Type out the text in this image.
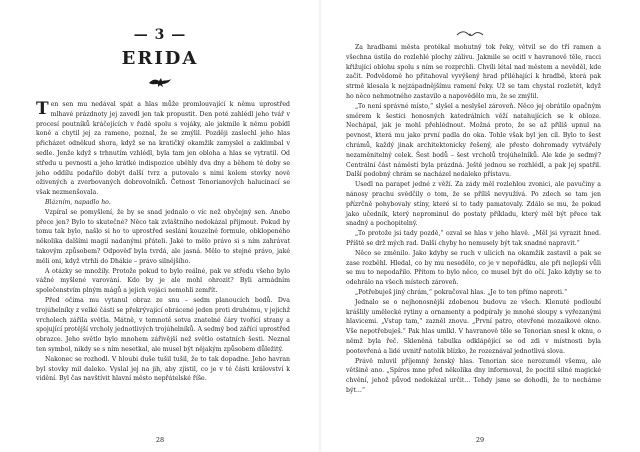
— 3 —
ERIDA

Ten sen mu nedával spát a hlas může promlouvající k němu uprostřed mlhavé prázdnoty jej zavedl jen tak propustit. Den poté zahlédl jeho tvář v procesí poutníků kráčejících v řadě spolu s vojáky, ale jakmile k němu pobídl koně a chytil jej za rameno, poznal, že se zmýlil. Později zaslechl jeho hlas přicházet odněkud shora, když se na kratičký okamžik zamyslel a zaklimbal v sedle. Jenže když s trhnutím vzhlédl, byla tam jen obloha a hlas se vytratil. Od středu u pevnosti a jeho krátké indispozice uběhly dva dny a během té doby se jeho oddílu podařilo dobýt další tvrz a putovalo s nimi kolem stovky nově oživených a zverbovaných dobrovolníků. Četnost Tenorianových halucinací se však nezmenšovala.

Blázním, napadlo ho.

Vzpíral se pomyšlení, že by se snad jednalo o víc než obyčejný sen. Anebo přece jen? Bylo to skutečné? Něco tak zvláštního nedokázal přijmout. Pokud by tomu tak bylo, našlo si ho to uprostřed seslání kouzelné formule, obklopeného několika dalšími magií nadanými přáteli. Jaké to mělo právo si s ním zahrávat takovým způsobem? Odpověď byla tvrdá, ale jasná. Mělo to stejné právo, jaké měli oni, když vtrhli do Dhákie – právo silnějšího.

A otázky se množily. Protože pokud to bylo reálné, pak ve středu všeho bylo vážné myšlené varování. Kdo by je ale mohl ohrozit? Byli armádním společenstvím plným mágů a jejich vojáci nemohli zemřít.

Před očima mu vytanul obraz ze snu – sedm planoucích bodů. Dva trojúhelníky z velké části se překrývající obrácené jeden proti druhému, v jejichž vrcholech zářila světla. Mátně, v temnotě sotva znatelné čáry tvořící strany a spojující protější vrcholy jednotlivých trojúhelníků. A sedmý bod zářící uprostřed obrazce. Jeho světlo bylo mnohem zářivější než světlo ostatních šesti. Neznal ten symbol, nikdy se s ním nesetkal, ale musel být nějakým způsobem důležitý.

Nakonec se rozhodl. V hloubi duše tušil tušil, že to tak dopadne. Jeho havran byl stovky mil daleko. Vyslal jej na jih, aby zjistil, co je v té části království k vidění. Byl čas navštívit hlavní město nepřátelské říše.

28

Za hradbami města protékal mohutný tok řeky, větvil se do tří ramen a všechna ústila do rozlehlé plochy zálivu. Jakmile se ocitl v havranově těle, racci křižující oblohu spolu s ním se rozprchli. Chvíli létal nad městem a nevěděl, kde začít. Podvědomě ho přitahoval vyvýšený hrad přiléhající k hradbě, která pak strmě klesala k nejzápadnějšímu ramení řeky. Už se tam chystal rozletět, když ho něco nehmotného zastavilo a napovědělo mu, že se zmýlil.

„To není správné místo,“ slyšel a neslyšel zároveň. Něco jej obrátilo opačným směrem k šestici honosných katedrálních věží natahujících se k obloze. Nechápal, jak je mohl přehlédnout. Možná proto, že se až příliš upnul na pevnost, která mu jako první padla do oka. Tohle však byl jen cíl. Bylo to šest chrámů, každý jinak architektonicky řešený, ale přesto dohromady vytvářely nezaměnitelný celek. Šest bodů – šest vrcholů trojúhelníků. Ale kde je sedmý? Centrální část náměstí byla prázdná. Ještě jednou se rozhlédl, a pak jej spatřil. Další podobný chrám se nacházel nedaleko přístavu.

Usedl na parapet jedné z věží. Za zády měl rozlehlou zvonici, ale pavučiny a nánosy prachu svědčily o tom, že se příliš nevyužívá. Po zdech se tam jen přízrčně pohybovaly stíny, které si to tady pamatovaly. Zdálo se mu, že pokud jako učedník, který neprominul do postaty příkladu, který měl být přece tak snadný a pochopitelný.

„To protože jsi tady pozdě,“ ozval se hlas v jeho hlavě. „Měl jsi vyrazit hned. Příště se drž mých rad. Další chyby ho nemusely být tak snadné napravit.“

Něco se změnilo. Jako kdyby se ruch v ulicích na okamžik zastavil a pak se zase rozběhl. Hledal, co by mu nesedělo, co je v nepořádku, ale při nejlepší vůli se mu to nepodařilo. Přitom to bylo něco, co musel být do očí. Jako kdyby se to odehrálo na všech místech zároveň.

„Potřebuješ jiný chrám,“ pokračoval hlas. „Je to ten přímo naproti.“

Jednalo se o nejhonosnější zdobenou budovu ze všech. Klenuté podloubí krášlily umělecké rytiny a ornamenty a podpíraly je mnohé sloupy s vyřezanými hlavicemi. „Vstup tam,“ zazněl znovu. „První patro, otevřené mozaikové okno. Vše nepotřebuješ.“ Pak hlas umlkl. V havranově těle se Tenorian snesl k oknu, o němž byla řeč. Skleněná tabulka odklápějící se od zdi v místnosti byla pootevřená a lidé uvnitř natolik blízko, že rozeznával jednotlivá slova.

Právě mluvil příjemný ženský hlas. Tenorian sice nerozuměl všemu, ale většině ano. „Spíros mne před několika dny informoval, že pocítil silné magické chvění, jehož původ nedokázal určit... Tehdy jsme se dohodli, že to necháme být...“

29
